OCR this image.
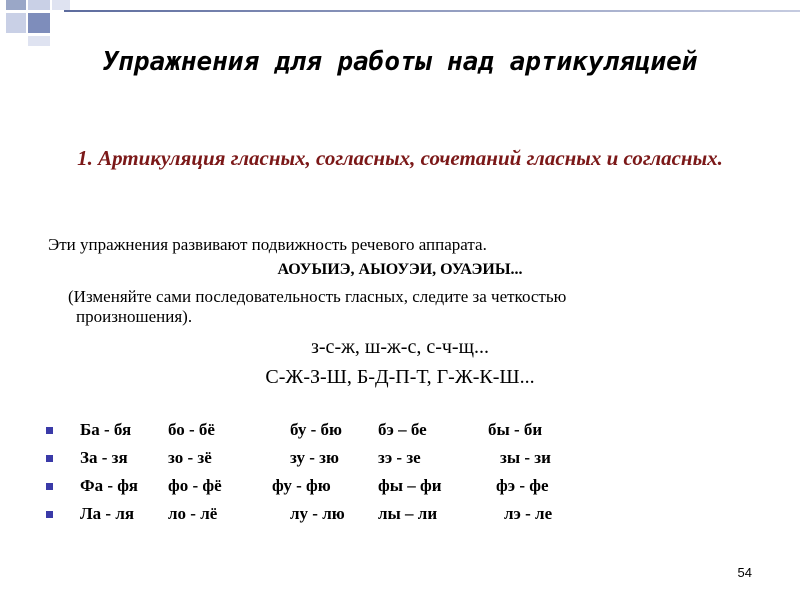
Упражнения для работы над артикуляцией
1. Артикуляция гласных, согласных, сочетаний гласных и согласных.
Эти упражнения развивают подвижность речевого аппарата.
АОУЫИЭ, АЫОУЭИ, ОУАЭИЫ...
(Изменяйте сами последовательность гласных, следите за четкостью
произношения).
з-с-ж, ш-ж-с, с-ч-щ...
С-Ж-З-Ш, Б-Д-П-Т, Г-Ж-К-Ш...
Ба - бя бо - бё	бу - бю бэ – бе	бы - би
За - зя зо - зё	зу - зю зэ - зе	зы - зи
Фа - фя фо - фё	фу - фю	фы – фи	фэ - фе
Ла - ля ло - лё	лу - лю лы – ли	лэ - ле
54
